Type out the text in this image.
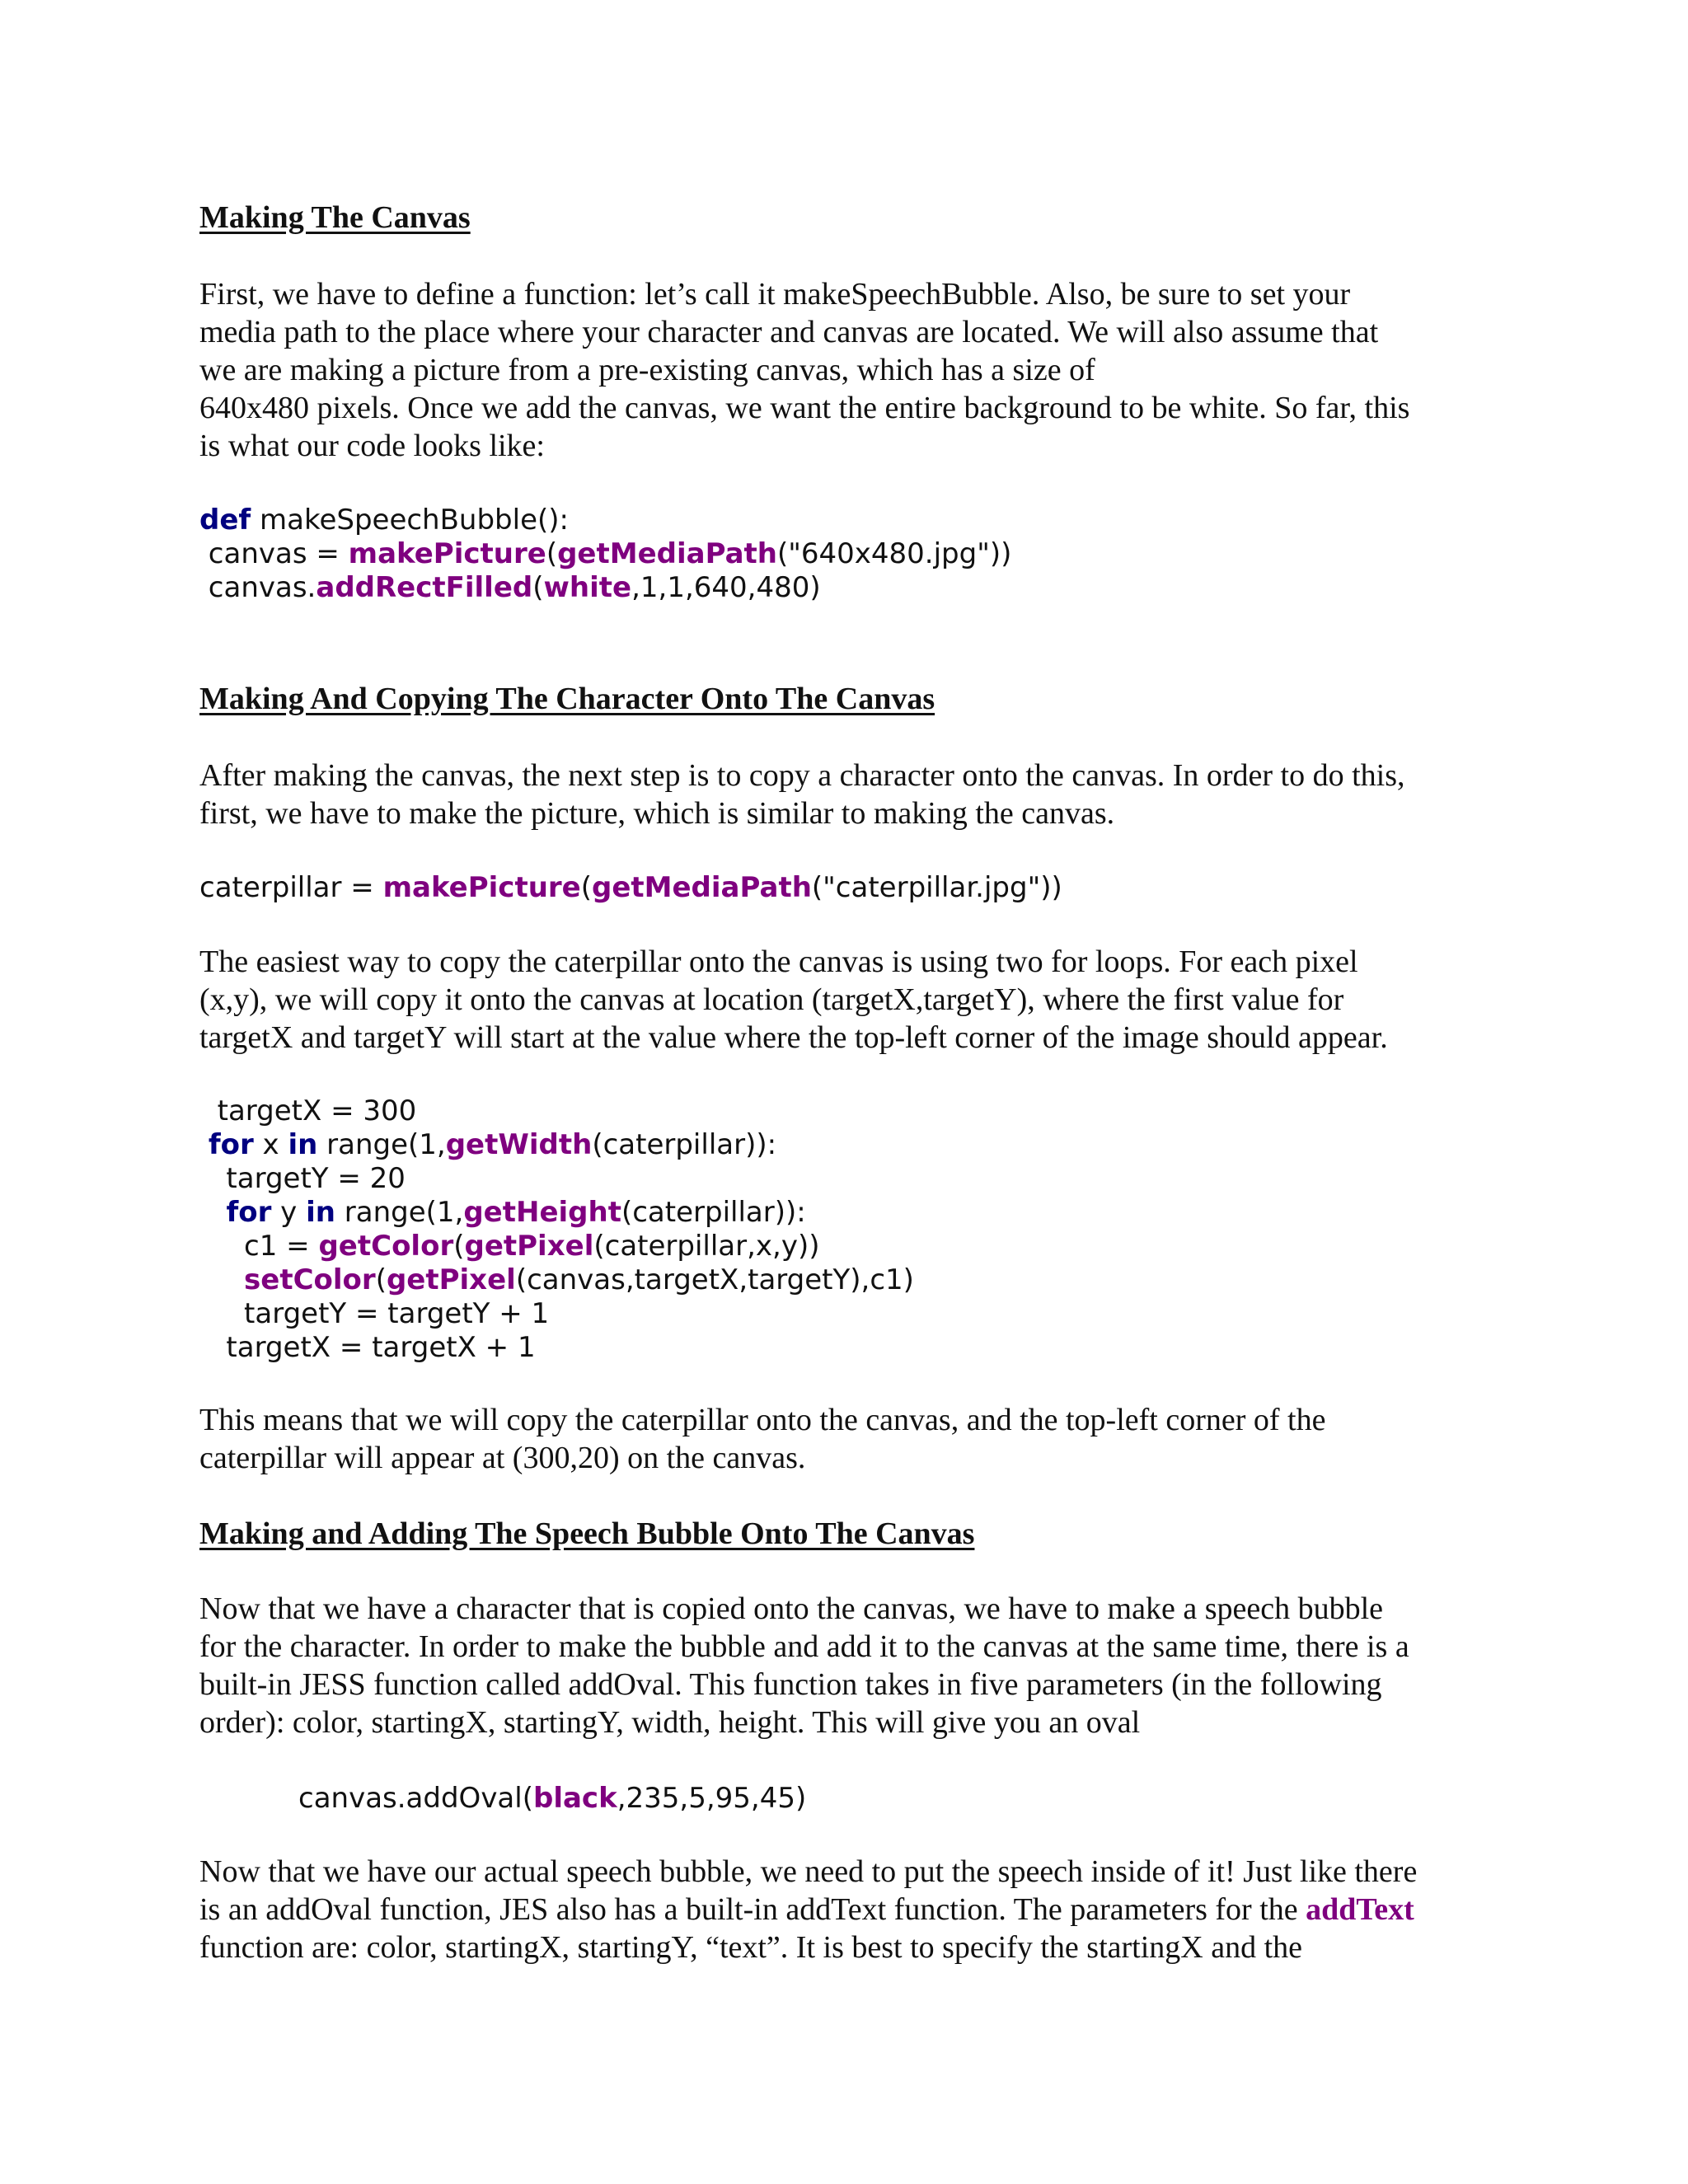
Making The Canvas
First, we have to define a function: let’s call it makeSpeechBubble. Also, be sure to set your
media path to the place where your character and canvas are located. We will also assume that
we are making a picture from a pre-existing canvas, which has a size of
640x480 pixels. Once we add the canvas, we want the entire background to be white. So far, this
is what our code looks like:
def makeSpeechBubble():
canvas = makePicture(getMediaPath("640x480.jpg"))
canvas.addRectFilled(white,1,1,640,480)
Making And Copying The Character Onto The Canvas
After making the canvas, the next step is to copy a character onto the canvas. In order to do this,
first, we have to make the picture, which is similar to making the canvas.
caterpillar = makePicture(getMediaPath("caterpillar.jpg"))
The easiest way to copy the caterpillar onto the canvas is using two for loops. For each pixel
(x,y), we will copy it onto the canvas at location (targetX,targetY), where the first value for
targetX and targetY will start at the value where the top-left corner of the image should appear.
targetX = 300
for x in range(1,getWidth(caterpillar)):
targetY = 20
for y in range(1,getHeight(caterpillar)):
c1 = getColor(getPixel(caterpillar,x,y))
setColor(getPixel(canvas,targetX,targetY),c1)
targetY = targetY + 1
targetX = targetX + 1
This means that we will copy the caterpillar onto the canvas, and the top-left corner of the
caterpillar will appear at (300,20) on the canvas.
Making and Adding The Speech Bubble Onto The Canvas
Now that we have a character that is copied onto the canvas, we have to make a speech bubble
for the character. In order to make the bubble and add it to the canvas at the same time, there is a
built-in JESS function called addOval. This function takes in five parameters (in the following
order): color, startingX, startingY, width, height. This will give you an oval
canvas.addOval(black,235,5,95,45)
Now that we have our actual speech bubble, we need to put the speech inside of it! Just like there
is an addOval function, JES also has a built-in addText function. The parameters for the addText
function are: color, startingX, startingY, “text”. It is best to specify the startingX and the
